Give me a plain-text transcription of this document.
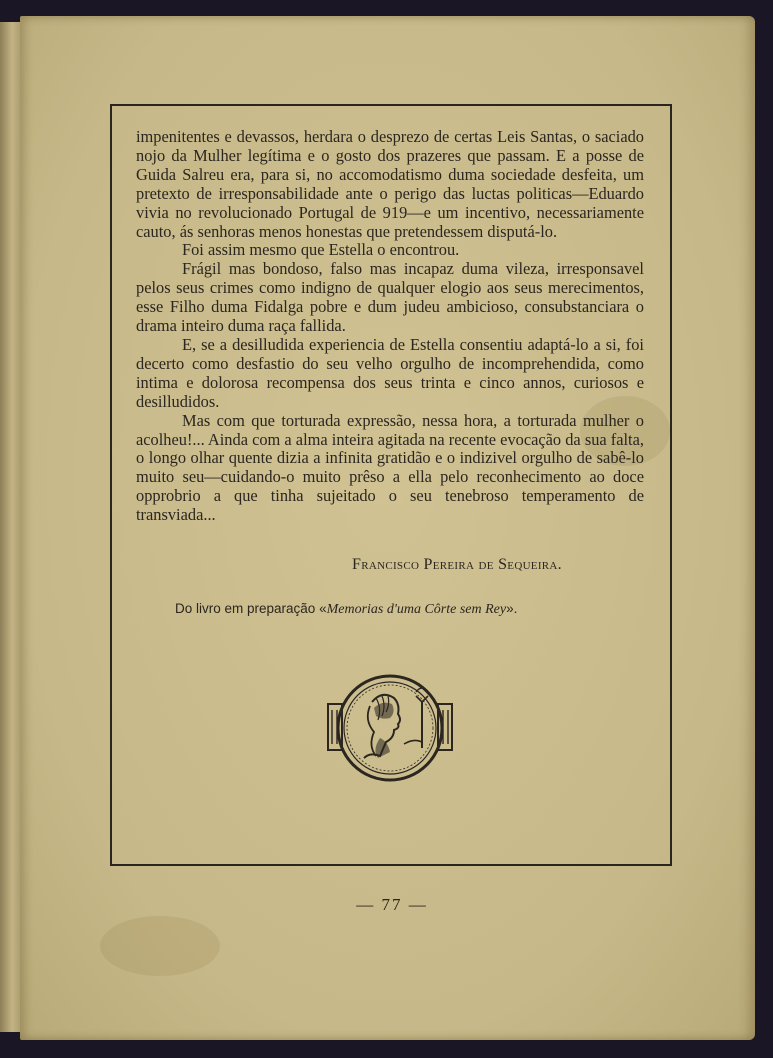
impenitentes e devassos, herdara o desprezo de certas Leis Santas, o saciado nojo da Mulher legítima e o gosto dos prazeres que passam. E a posse de Guida Salreu era, para si, no accomodatismo duma sociedade desfeita, um pretexto de irresponsabilidade ante o perigo das luctas politicas—Eduardo vivia no revolucionado Portugal de 919—e um incentivo, necessariamente cauto, ás senhoras menos honestas que pretendessem disputá-lo.

Foi assim mesmo que Estella o encontrou.

Frágil mas bondoso, falso mas incapaz duma vileza, irresponsavel pelos seus crimes como indigno de qualquer elogio aos seus merecimentos, esse Filho duma Fidalga pobre e dum judeu ambicioso, consubstanciara o drama inteiro duma raça fallida.

E, se a desilludida experiencia de Estella consentiu adaptá-lo a si, foi decerto como desfastio do seu velho orgulho de incomprehendida, como intima e dolorosa recompensa dos seus trinta e cinco annos, curiosos e desilludidos.

Mas com que torturada expressão, nessa hora, a torturada mulher o acolheu!... Ainda com a alma inteira agitada na recente evocação da sua falta, o longo olhar quente dizia a infinita gratidão e o indizivel orgulho de sabê-lo muito seu—cuidando-o muito prêso a ella pelo reconhecimento ao doce opprobrio a que tinha sujeitado o seu tenebroso temperamento de transviada...

Francisco Pereira de Sequeira.
Do livro em preparação «Memorias d'uma Côrte sem Rey».
— 77 —
